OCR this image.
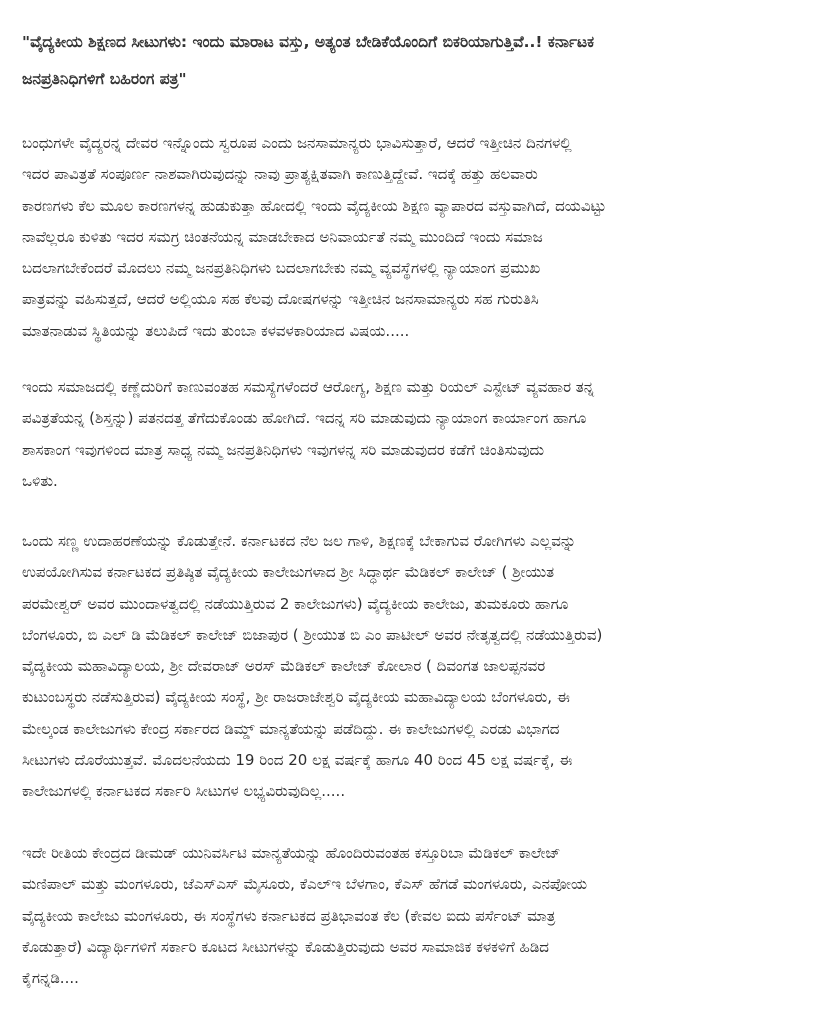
"ವೈದ್ಯಕೀಯ ಶಿಕ್ಷಣದ ಸೀಟುಗಳು: ಇಂದು ಮಾರಾಟ ವಸ್ತು, ಅತ್ಯಂತ ಬೇಡಿಕೆಯೊಂದಿಗೆ ಬಿಕರಿಯಾಗುತ್ತಿವೆ..! ಕರ್ನಾಟಕ
ಜನಪ್ರತಿನಿಧಿಗಳಿಗೆ ಬಹಿರಂಗ ಪತ್ರ"

ಬಂಧುಗಳೇ ವೈದ್ಯರನ್ನ ದೇವರ ಇನ್ನೊಂದು ಸ್ವರೂಪ ಎಂದು ಜನಸಾಮಾನ್ಯರು ಭಾವಿಸುತ್ತಾರೆ, ಆದರೆ ಇತ್ತೀಚಿನ ದಿನಗಳಲ್ಲಿ
ಇದರ ಪಾವಿತ್ರತೆ ಸಂಪೂರ್ಣ ನಾಶವಾಗಿರುವುದನ್ನು ನಾವು ಪ್ರಾತ್ಯಕ್ಷಿತವಾಗಿ ಕಾಣುತ್ತಿದ್ದೇವೆ. ಇದಕ್ಕೆ ಹತ್ತು ಹಲವಾರು
ಕಾರಣಗಳು ಕೆಲ ಮೂಲ ಕಾರಣಗಳನ್ನ ಹುಡುಕುತ್ತಾ ಹೋದಲ್ಲಿ ಇಂದು ವೈದ್ಯಕೀಯ ಶಿಕ್ಷಣ ವ್ಯಾಪಾರದ ವಸ್ತುವಾಗಿದೆ, ದಯವಿಟ್ಟು
ನಾವೆಲ್ಲರೂ ಕುಳಿತು ಇದರ ಸಮಗ್ರ ಚಿಂತನೆಯನ್ನ ಮಾಡಬೇಕಾದ ಅನಿವಾರ್ಯತೆ ನಮ್ಮ ಮುಂದಿದೆ ಇಂದು ಸಮಾಜ
ಬದಲಾಗಬೇಕೆಂದರೆ ಮೊದಲು ನಮ್ಮ ಜನಪ್ರತಿನಿಧಿಗಳು ಬದಲಾಗಬೇಕು ನಮ್ಮ ವ್ಯವಸ್ಥೆಗಳಲ್ಲಿ ನ್ಯಾಯಾಂಗ ಪ್ರಮುಖ
ಪಾತ್ರವನ್ನು ವಹಿಸುತ್ತದೆ, ಆದರೆ ಅಲ್ಲಿಯೂ ಸಹ ಕೆಲವು ದೋಷಗಳನ್ನು ಇತ್ತೀಚಿನ ಜನಸಾಮಾನ್ಯರು ಸಹ ಗುರುತಿಸಿ
ಮಾತನಾಡುವ ಸ್ಥಿತಿಯನ್ನು ತಲುಪಿದೆ ಇದು ತುಂಬಾ ಕಳವಳಕಾರಿಯಾದ ವಿಷಯ.....

ಇಂದು ಸಮಾಜದಲ್ಲಿ ಕಣ್ಣೆದುರಿಗೆ ಕಾಣುವಂತಹ ಸಮಸ್ಯೆಗಳೆಂದರೆ ಆರೋಗ್ಯ, ಶಿಕ್ಷಣ ಮತ್ತು ರಿಯಲ್ ಎಸ್ಟೇಟ್ ವ್ಯವಹಾರ ತನ್ನ
ಪವಿತ್ರತೆಯನ್ನ (ಶಿಸ್ತನ್ನು) ಪತನದತ್ತ ತೆಗೆದುಕೊಂಡು ಹೋಗಿದೆ. ಇದನ್ನ ಸರಿ ಮಾಡುವುದು ನ್ಯಾಯಾಂಗ ಕಾರ್ಯಾಂಗ ಹಾಗೂ
ಶಾಸಕಾಂಗ ಇವುಗಳಿಂದ ಮಾತ್ರ ಸಾಧ್ಯ ನಮ್ಮ ಜನಪ್ರತಿನಿಧಿಗಳು ಇವುಗಳನ್ನ ಸರಿ ಮಾಡುವುದರ ಕಡೆಗೆ ಚಿಂತಿಸುವುದು
ಒಳಿತು.

ಒಂದು ಸಣ್ಣ ಉದಾಹರಣೆಯನ್ನು ಕೊಡುತ್ತೇನೆ. ಕರ್ನಾಟಕದ ನೆಲ ಜಲ ಗಾಳಿ, ಶಿಕ್ಷಣಕ್ಕೆ ಬೇಕಾಗುವ ರೋಗಿಗಳು ಎಲ್ಲವನ್ನು
ಉಪಯೋಗಿಸುವ ಕರ್ನಾಟಕದ ಪ್ರತಿಷ್ಠಿತ ವೈದ್ಯಕೀಯ ಕಾಲೇಜುಗಳಾದ ಶ್ರೀ ಸಿದ್ಧಾರ್ಥ ಮೆಡಿಕಲ್ ಕಾಲೇಜ್ ( ಶ್ರೀಯುತ
ಪರಮೇಶ್ವರ್ ಅವರ ಮುಂದಾಳತ್ವದಲ್ಲಿ ನಡೆಯುತ್ತಿರುವ 2 ಕಾಲೇಜುಗಳು) ವೈದ್ಯಕೀಯ ಕಾಲೇಜು, ತುಮಕೂರು ಹಾಗೂ
ಬೆಂಗಳೂರು, ಬಿ ಎಲ್ ಡಿ ಮೆಡಿಕಲ್ ಕಾಲೇಜ್ ಬಿಜಾಪುರ ( ಶ್ರೀಯುತ ಬಿ ಎಂ ಪಾಟೀಲ್ ಅವರ ನೇತೃತ್ವದಲ್ಲಿ ನಡೆಯುತ್ತಿರುವ)
ವೈದ್ಯಕೀಯ ಮಹಾವಿದ್ಯಾಲಯ, ಶ್ರೀ ದೇವರಾಜ್ ಅರಸ್ ಮೆಡಿಕಲ್ ಕಾಲೇಜ್ ಕೋಲಾರ ( ದಿವಂಗತ ಜಾಲಪ್ಪನವರ
ಕುಟುಂಬಸ್ಥರು ನಡೆಸುತ್ತಿರುವ) ವೈದ್ಯಕೀಯ ಸಂಸ್ಥೆ, ಶ್ರೀ ರಾಜರಾಜೇಶ್ವರಿ ವೈದ್ಯಕೀಯ ಮಹಾವಿದ್ಯಾಲಯ ಬೆಂಗಳೂರು, ಈ
ಮೇಲ್ಕಂಡ ಕಾಲೇಜುಗಳು ಕೇಂದ್ರ ಸರ್ಕಾರದ ಡಿಮ್ಡ್ ಮಾನ್ಯತೆಯನ್ನು ಪಡೆದಿದ್ದು. ಈ ಕಾಲೇಜುಗಳಲ್ಲಿ ಎರಡು ವಿಭಾಗದ
ಸೀಟುಗಳು ದೊರೆಯುತ್ತವೆ. ಮೊದಲನೆಯದು 19 ರಿಂದ 20 ಲಕ್ಷ ವರ್ಷಕ್ಕೆ ಹಾಗೂ 40 ರಿಂದ 45 ಲಕ್ಷ ವರ್ಷಕ್ಕೆ, ಈ
ಕಾಲೇಜುಗಳಲ್ಲಿ ಕರ್ನಾಟಕದ ಸರ್ಕಾರಿ ಸೀಟುಗಳ ಲಭ್ಯವಿರುವುದಿಲ್ಲ.....

ಇದೇ ರೀತಿಯ ಕೇಂದ್ರದ ಡೀಮಡ್ ಯುನಿವರ್ಸಿಟಿ ಮಾನ್ಯತೆಯನ್ನು ಹೊಂದಿರುವಂತಹ ಕಸ್ತೂರಿಬಾ ಮೆಡಿಕಲ್ ಕಾಲೇಜ್
ಮಣಿಪಾಲ್ ಮತ್ತು ಮಂಗಳೂರು, ಜೆಎಸ್ಎಸ್ ಮೈಸೂರು, ಕೆಎಲ್ಇ ಬೆಳಗಾಂ, ಕೆಎಸ್ ಹೆಗಡೆ ಮಂಗಳೂರು, ಎನಪೋಯ
ವೈದ್ಯಕೀಯ ಕಾಲೇಜು ಮಂಗಳೂರು, ಈ ಸಂಸ್ಥೆಗಳು ಕರ್ನಾಟಕದ ಪ್ರತಿಭಾವಂತ ಕೆಲ (ಕೇವಲ ಐದು ಪರ್ಸೆಂಟ್ ಮಾತ್ರ
ಕೊಡುತ್ತಾರೆ) ವಿದ್ಯಾರ್ಥಿಗಳಿಗೆ ಸರ್ಕಾರಿ ಕೂಟದ ಸೀಟುಗಳನ್ನು ಕೊಡುತ್ತಿರುವುದು ಅವರ ಸಾಮಾಜಿಕ ಕಳಕಳಿಗೆ ಹಿಡಿದ
ಕೈಗನ್ನಡಿ....
